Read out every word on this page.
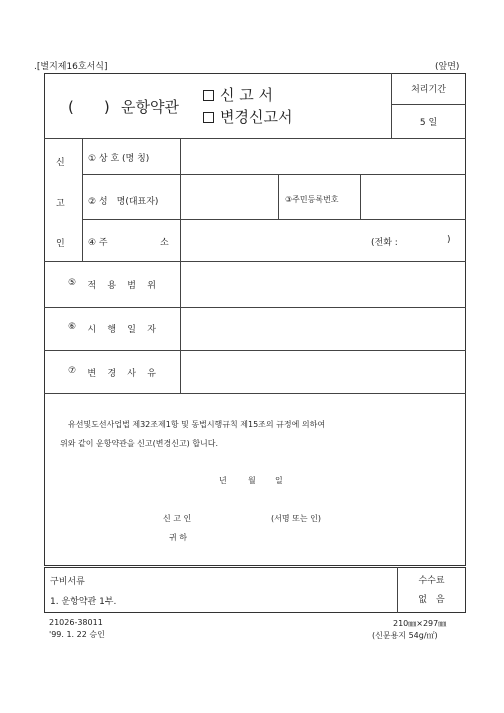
.[별지제16호서식]	(앞면)
(　　) 운항약관
신 고 서
변경신고서
처리기간
5 일
신
고
인
① 상 호 (명 칭)
② 성　명(대표자)	③주민등록번호
④ 주	소	(전화 :	)
⑤ 적 용 범 위
⑥ 시 행 일 자
⑦ 변 경 사 유
유선및도선사업법 제32조제1항 및 동법시행규칙 제15조의 규정에 의하여
위와 같이 운항약관을 신고(변경신고) 합니다.
년	월 일
신 고 인	(서명 또는 인)
귀 하
구비서류
1. 운항약관 1부.
수수료
없　음
21026-38011
'99. 1. 22 승인
210㎜×297㎜
(신문용지 54g/㎡)
